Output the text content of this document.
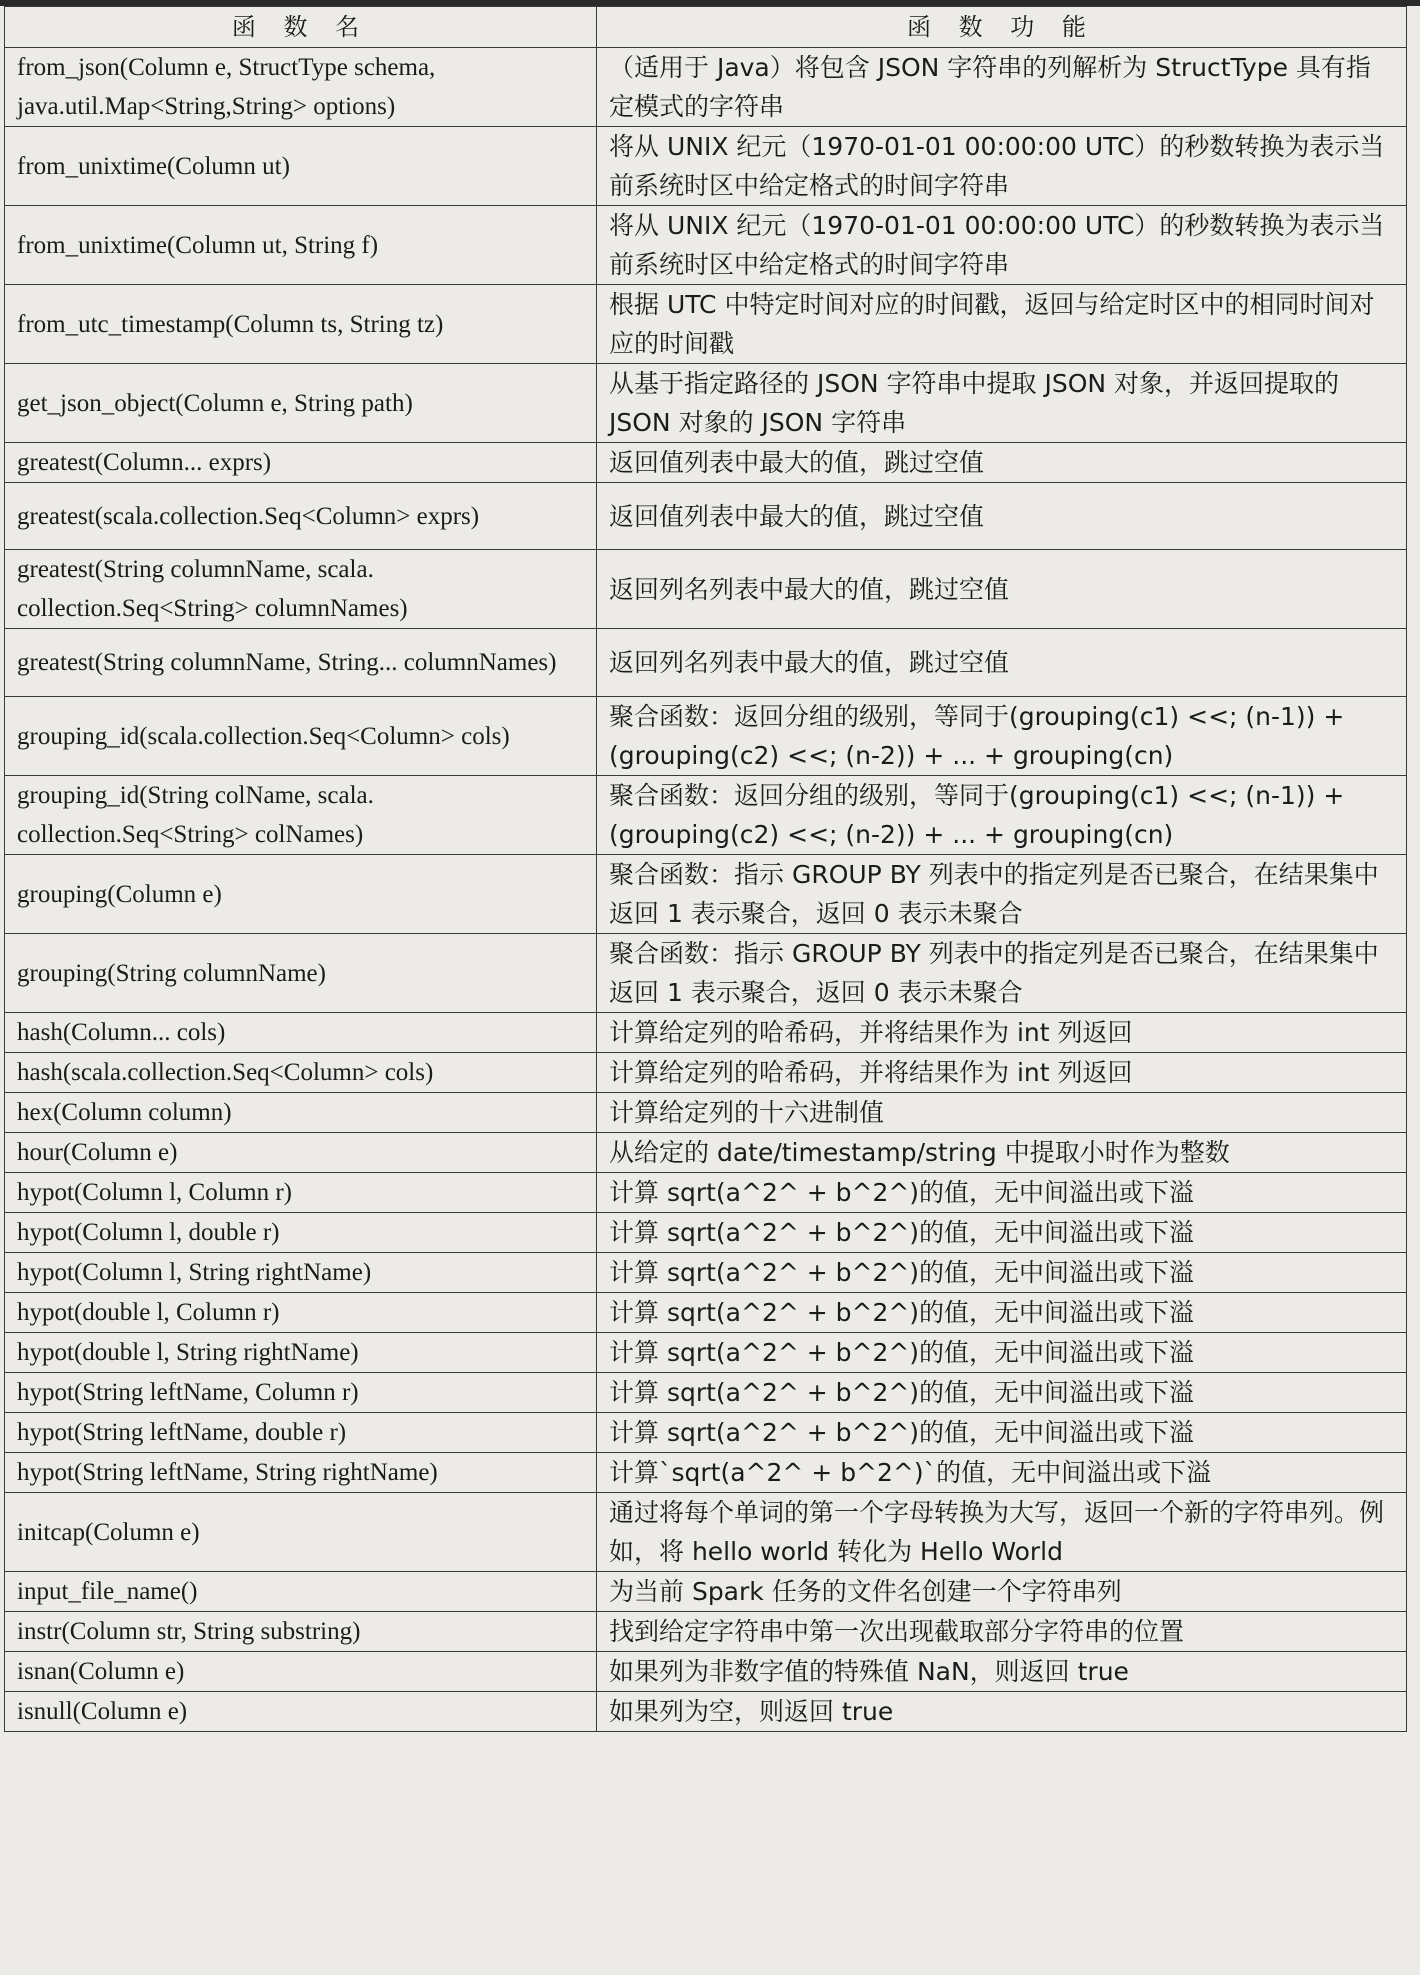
函 数 名	函 数 功 能
from_json(Column e, StructType schema, java.util.Map<String,String> options)	（适用于 Java）将包含 JSON 字符串的列解析为 StructType 具有指定模式的字符串
from_unixtime(Column ut)	将从 UNIX 纪元（1970-01-01 00:00:00 UTC）的秒数转换为表示当前系统时区中给定格式的时间字符串
from_unixtime(Column ut, String f)	将从 UNIX 纪元（1970-01-01 00:00:00 UTC）的秒数转换为表示当前系统时区中给定格式的时间字符串
from_utc_timestamp(Column ts, String tz)	根据 UTC 中特定时间对应的时间戳，返回与给定时区中的相同时间对应的时间戳
get_json_object(Column e, String path)	从基于指定路径的 JSON 字符串中提取 JSON 对象，并返回提取的 JSON 对象的 JSON 字符串
greatest(Column... exprs)	返回值列表中最大的值，跳过空值
greatest(scala.collection.Seq<Column> exprs)	返回值列表中最大的值，跳过空值
greatest(String columnName, scala. collection.Seq<String> columnNames)	返回列名列表中最大的值，跳过空值
greatest(String columnName, String... columnNames)	返回列名列表中最大的值，跳过空值
grouping_id(scala.collection.Seq<Column> cols)	聚合函数：返回分组的级别，等同于(grouping(c1) <<; (n-1)) + (grouping(c2) <<; (n-2)) + ... + grouping(cn)
grouping_id(String colName, scala. collection.Seq<String> colNames)	聚合函数：返回分组的级别，等同于(grouping(c1) <<; (n-1)) + (grouping(c2) <<; (n-2)) + ... + grouping(cn)
grouping(Column e)	聚合函数：指示 GROUP BY 列表中的指定列是否已聚合，在结果集中返回 1 表示聚合，返回 0 表示未聚合
grouping(String columnName)	聚合函数：指示 GROUP BY 列表中的指定列是否已聚合，在结果集中返回 1 表示聚合，返回 0 表示未聚合
hash(Column... cols)	计算给定列的哈希码，并将结果作为 int 列返回
hash(scala.collection.Seq<Column> cols)	计算给定列的哈希码，并将结果作为 int 列返回
hex(Column column)	计算给定列的十六进制值
hour(Column e)	从给定的 date/timestamp/string 中提取小时作为整数
hypot(Column l, Column r)	计算 sqrt(a^2^ + b^2^)的值，无中间溢出或下溢
hypot(Column l, double r)	计算 sqrt(a^2^ + b^2^)的值，无中间溢出或下溢
hypot(Column l, String rightName)	计算 sqrt(a^2^ + b^2^)的值，无中间溢出或下溢
hypot(double l, Column r)	计算 sqrt(a^2^ + b^2^)的值，无中间溢出或下溢
hypot(double l, String rightName)	计算 sqrt(a^2^ + b^2^)的值，无中间溢出或下溢
hypot(String leftName, Column r)	计算 sqrt(a^2^ + b^2^)的值，无中间溢出或下溢
hypot(String leftName, double r)	计算 sqrt(a^2^ + b^2^)的值，无中间溢出或下溢
hypot(String leftName, String rightName)	计算`sqrt(a^2^ + b^2^)`的值，无中间溢出或下溢
initcap(Column e)	通过将每个单词的第一个字母转换为大写，返回一个新的字符串列。例如，将 hello world 转化为 Hello World
input_file_name()	为当前 Spark 任务的文件名创建一个字符串列
instr(Column str, String substring)	找到给定字符串中第一次出现截取部分字符串的位置
isnan(Column e)	如果列为非数字值的特殊值 NaN，则返回 true
isnull(Column e)	如果列为空，则返回 true
